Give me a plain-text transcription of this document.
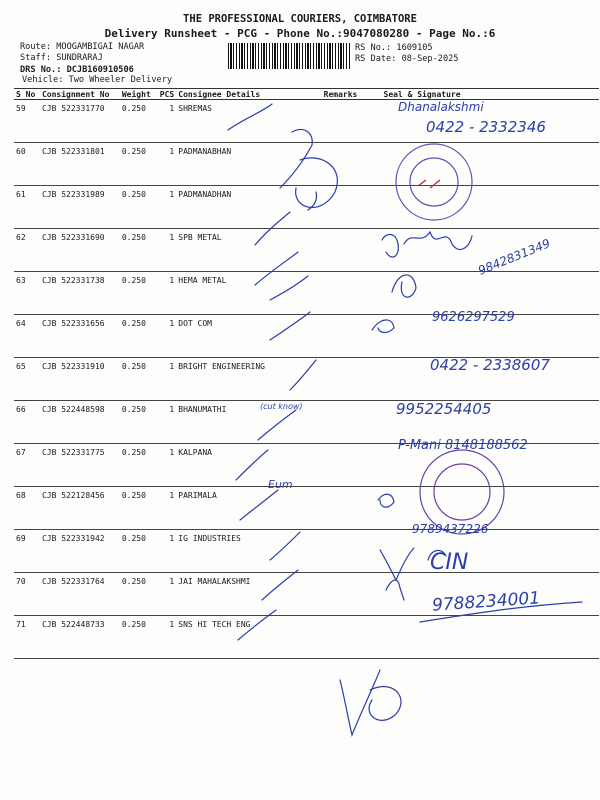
THE PROFESSIONAL COURIERS, COIMBATORE
Delivery Runsheet - PCG - Phone No.:9047080280 - Page No.:6
Route: MOOGAMBIGAI NAGAR
Staff: SUNDRARAJ
DRS No.: DCJB160910506
Vehicle: Two Wheeler Delivery
RS No.: 1609105
RS Date: 08-Sep-2025
S No	Consignment No	Weight	PCS	Consignee Details	Remarks	Seal & Signature
59	CJB 522331770	0.250	1	SHREMAS		
60	CJB 522331801	0.250	1	PADMANABHAN		
61	CJB 522331989	0.250	1	PADMANADHAN		
62	CJB 522331690	0.250	1	SPB METAL		
63	CJB 522331738	0.250	1	HEMA METAL		
64	CJB 522331656	0.250	1	DOT COM		
65	CJB 522331910	0.250	1	BRIGHT ENGINEERING		
66	CJB 522448598	0.250	1	BHANUMATHI		
67	CJB 522331775	0.250	1	KALPANA		
68	CJB 522128456	0.250	1	PARIMALA		
69	CJB 522331942	0.250	1	IG INDUSTRIES		
70	CJB 522331764	0.250	1	JAI MAHALAKSHMI		
71	CJB 522448733	0.250	1	SNS HI TECH ENG		
Dhanalakshmi
0422 - 2332346
9842831349
9626297529
0422 - 2338607
9952254405
(cut know)
P-Mani 8148188562
Eum
9789437226
CIN
9788234001
